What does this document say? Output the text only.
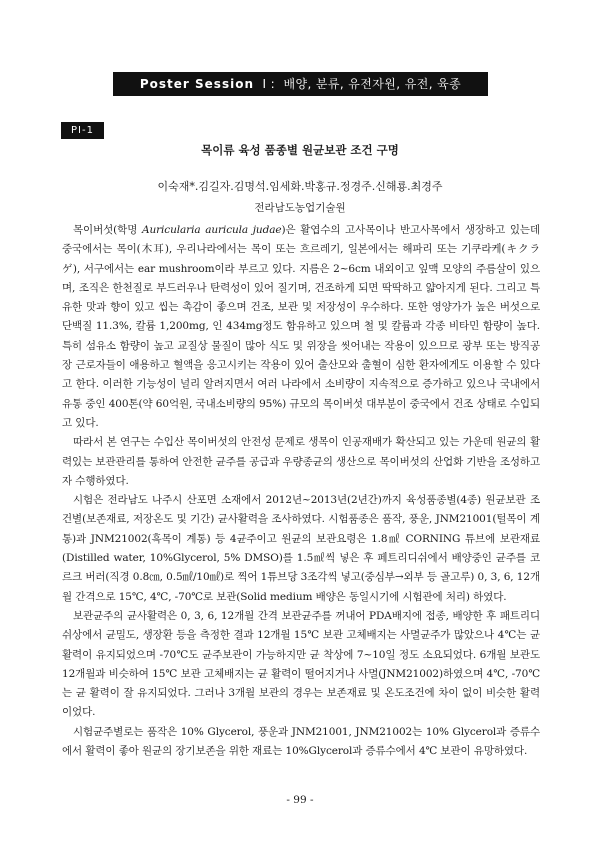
Poster Session Ⅰ :  배양, 분류, 유전자원, 유전, 육종
PⅠ-1
목이류 육성 품종별 원균보관 조건 구명
이숙재*.김길자.김명석.임세화.박홍규.정경주.신해룡.최경주
전라남도농업기술원

목이버섯(학명 Auricularia auricula judae)은 활엽수의 고사목이나 반고사목에서 생장하고 있는데 중국에서는 목이(木耳), 우리나라에서는 목이 또는 흐르레기, 일본에서는 해파리 또는 기쿠라케(キクラゲ), 서구에서는 ear mushroom이라 부르고 있다. 지름은 2~6cm 내외이고 잎맥 모양의 주름살이 있으며, 조직은 한천질로 부드러우나 탄력성이 있어 질기며, 건조하게 되면 딱딱하고 얇아지게 된다. 그리고 특유한 맛과 향이 있고 씹는 촉감이 좋으며 건조, 보관 및 저장성이 우수하다. 또한 영양가가 높은 버섯으로 단백질 11.3%, 칼륨 1,200mg, 인 434mg정도 함유하고 있으며 철 및 칼륨과 각종 비타민 함량이 높다. 특히 섬유소 함량이 높고 교질상 물질이 많아 식도 및 위장을 씻어내는 작용이 있으므로 광부 또는 방직공장 근로자들이 애용하고 혈액을 응고시키는 작용이 있어 출산모와 출혈이 심한 환자에게도 이용할 수 있다고 한다. 이러한 기능성이 널리 알려지면서 여러 나라에서 소비량이 지속적으로 증가하고 있으나 국내에서 유통 중인 400톤(약 60억원, 국내소비량의 95%) 규모의 목이버섯 대부분이 중국에서 건조 상태로 수입되고 있다.

따라서 본 연구는 수입산 목이버섯의 안전성 문제로 생목이 인공재배가 확산되고 있는 가운데 원균의 활력있는 보관관리를 통하여 안전한 균주를 공급과 우량종균의 생산으로 목이버섯의 산업화 기반을 조성하고자 수행하였다.

시험은 전라남도 나주시 산포면 소재에서 2012년~2013년(2년간)까지 육성품종별(4종) 원균보관 조건별(보존재료, 저장온도 및 기간) 균사활력을 조사하였다. 시험품종은 품작, 풍운, JNM21001(털목이 계통)과 JNM21002(흑목이 계통) 등 4균주이고 원균의 보관요령은 1.8㎖ CORNING 튜브에 보관재료(Distilled water, 10%Glycerol, 5% DMSO)를 1.5㎖씩 넣은 후 페트리디쉬에서 배양중인 균주를 코르크 버러(직경 0.8㎝, 0.5㎖/10㎖)로 찍어 1튜브당 3조각씩 넣고(중심부→외부 등 골고루) 0, 3, 6, 12개월 간격으로 15℃, 4℃, -70℃로 보관(Solid medium 배양은 동일시기에 시험관에 처리) 하였다.

보관균주의 균사활력은 0, 3, 6, 12개월 간격 보관균주를 꺼내어 PDA배지에 접종, 배양한 후 패트리디쉬상에서 균밀도, 생장환 등을 측정한 결과 12개월 15℃ 보관 고체배지는 사멸균주가 많았으나 4℃는 균 활력이 유지되었으며 -70℃도 균주보관이 가능하지만 균 착상에 7~10일 정도 소요되었다. 6개월 보관도 12개월과 비슷하여 15℃ 보관 고체배지는 균 활력이 떨어지거나 사멸(JNM21002)하였으며 4℃, -70℃는 균 활력이 잘 유지되었다. 그러나 3개월 보관의 경우는 보존재료 및 온도조건에 차이 없이 비슷한 활력이었다.

시험균주별로는 품작은 10% Glycerol, 풍운과 JNM21001, JNM21002는 10% Glycerol과 증류수에서 활력이 좋아 원균의 장기보존을 위한 재료는 10%Glycerol과 증류수에서 4℃ 보관이 유망하였다.

- 99 -
